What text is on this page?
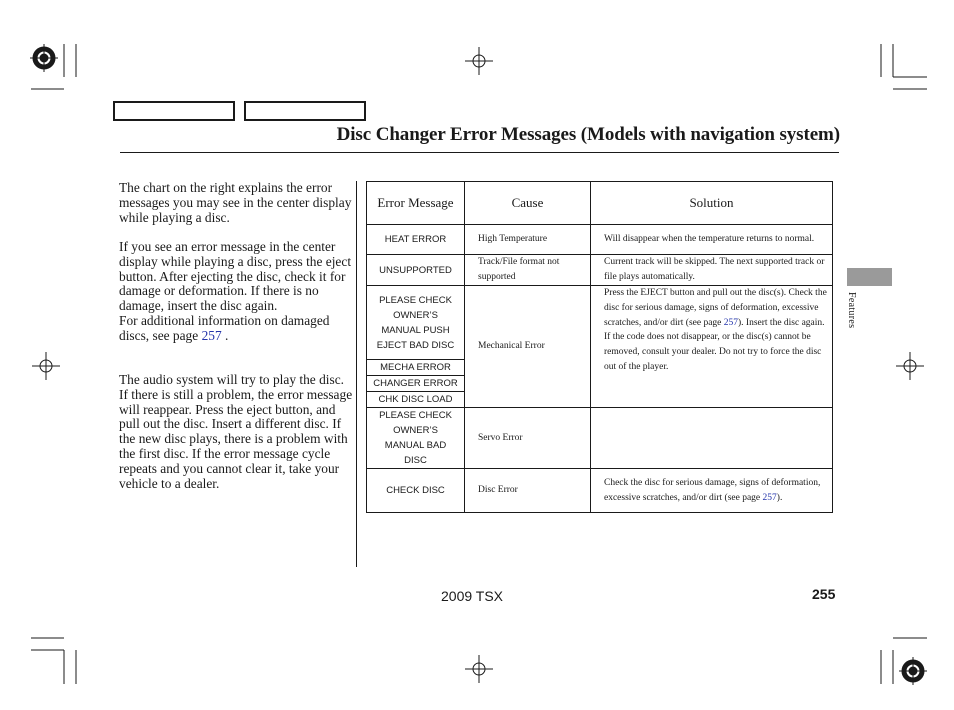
Disc Changer Error Messages (Models with navigation system)

The chart on the right explains the error messages you may see in the center display while playing a disc.

If you see an error message in the center display while playing a disc, press the eject button. After ejecting the disc, check it for damage or deformation. If there is no damage, insert the disc again.

For additional information on damaged discs, see page 257 .

The audio system will try to play the disc. If there is still a problem, the error message will reappear. Press the eject button, and pull out the disc. Insert a different disc. If the new disc plays, there is a problem with the first disc. If the error message cycle repeats and you cannot clear it, take your vehicle to a dealer.

Error Message	Cause	Solution
HEAT ERROR	High Temperature	Will disappear when the temperature returns to normal.
UNSUPPORTED	Track/File format not supported	Current track will be skipped. The next supported track or file plays automatically.
PLEASE CHECK OWNER’S MANUAL PUSH EJECT BAD DISC	Mechanical Error	Press the EJECT button and pull out the disc(s). Check the disc for serious damage, signs of deformation, excessive scratches, and/or dirt (see page 257). Insert the disc again. If the code does not disappear, or the disc(s) cannot be removed, consult your dealer. Do not try to force the disc out of the player.
MECHA ERROR		
CHANGER ERROR		
CHK DISC LOAD		
PLEASE CHECK OWNER’S MANUAL BAD DISC	Servo Error	
CHECK DISC	Disc Error	Check the disc for serious damage, signs of deformation, excessive scratches, and/or dirt (see page 257).
Features
2009 TSX	255
